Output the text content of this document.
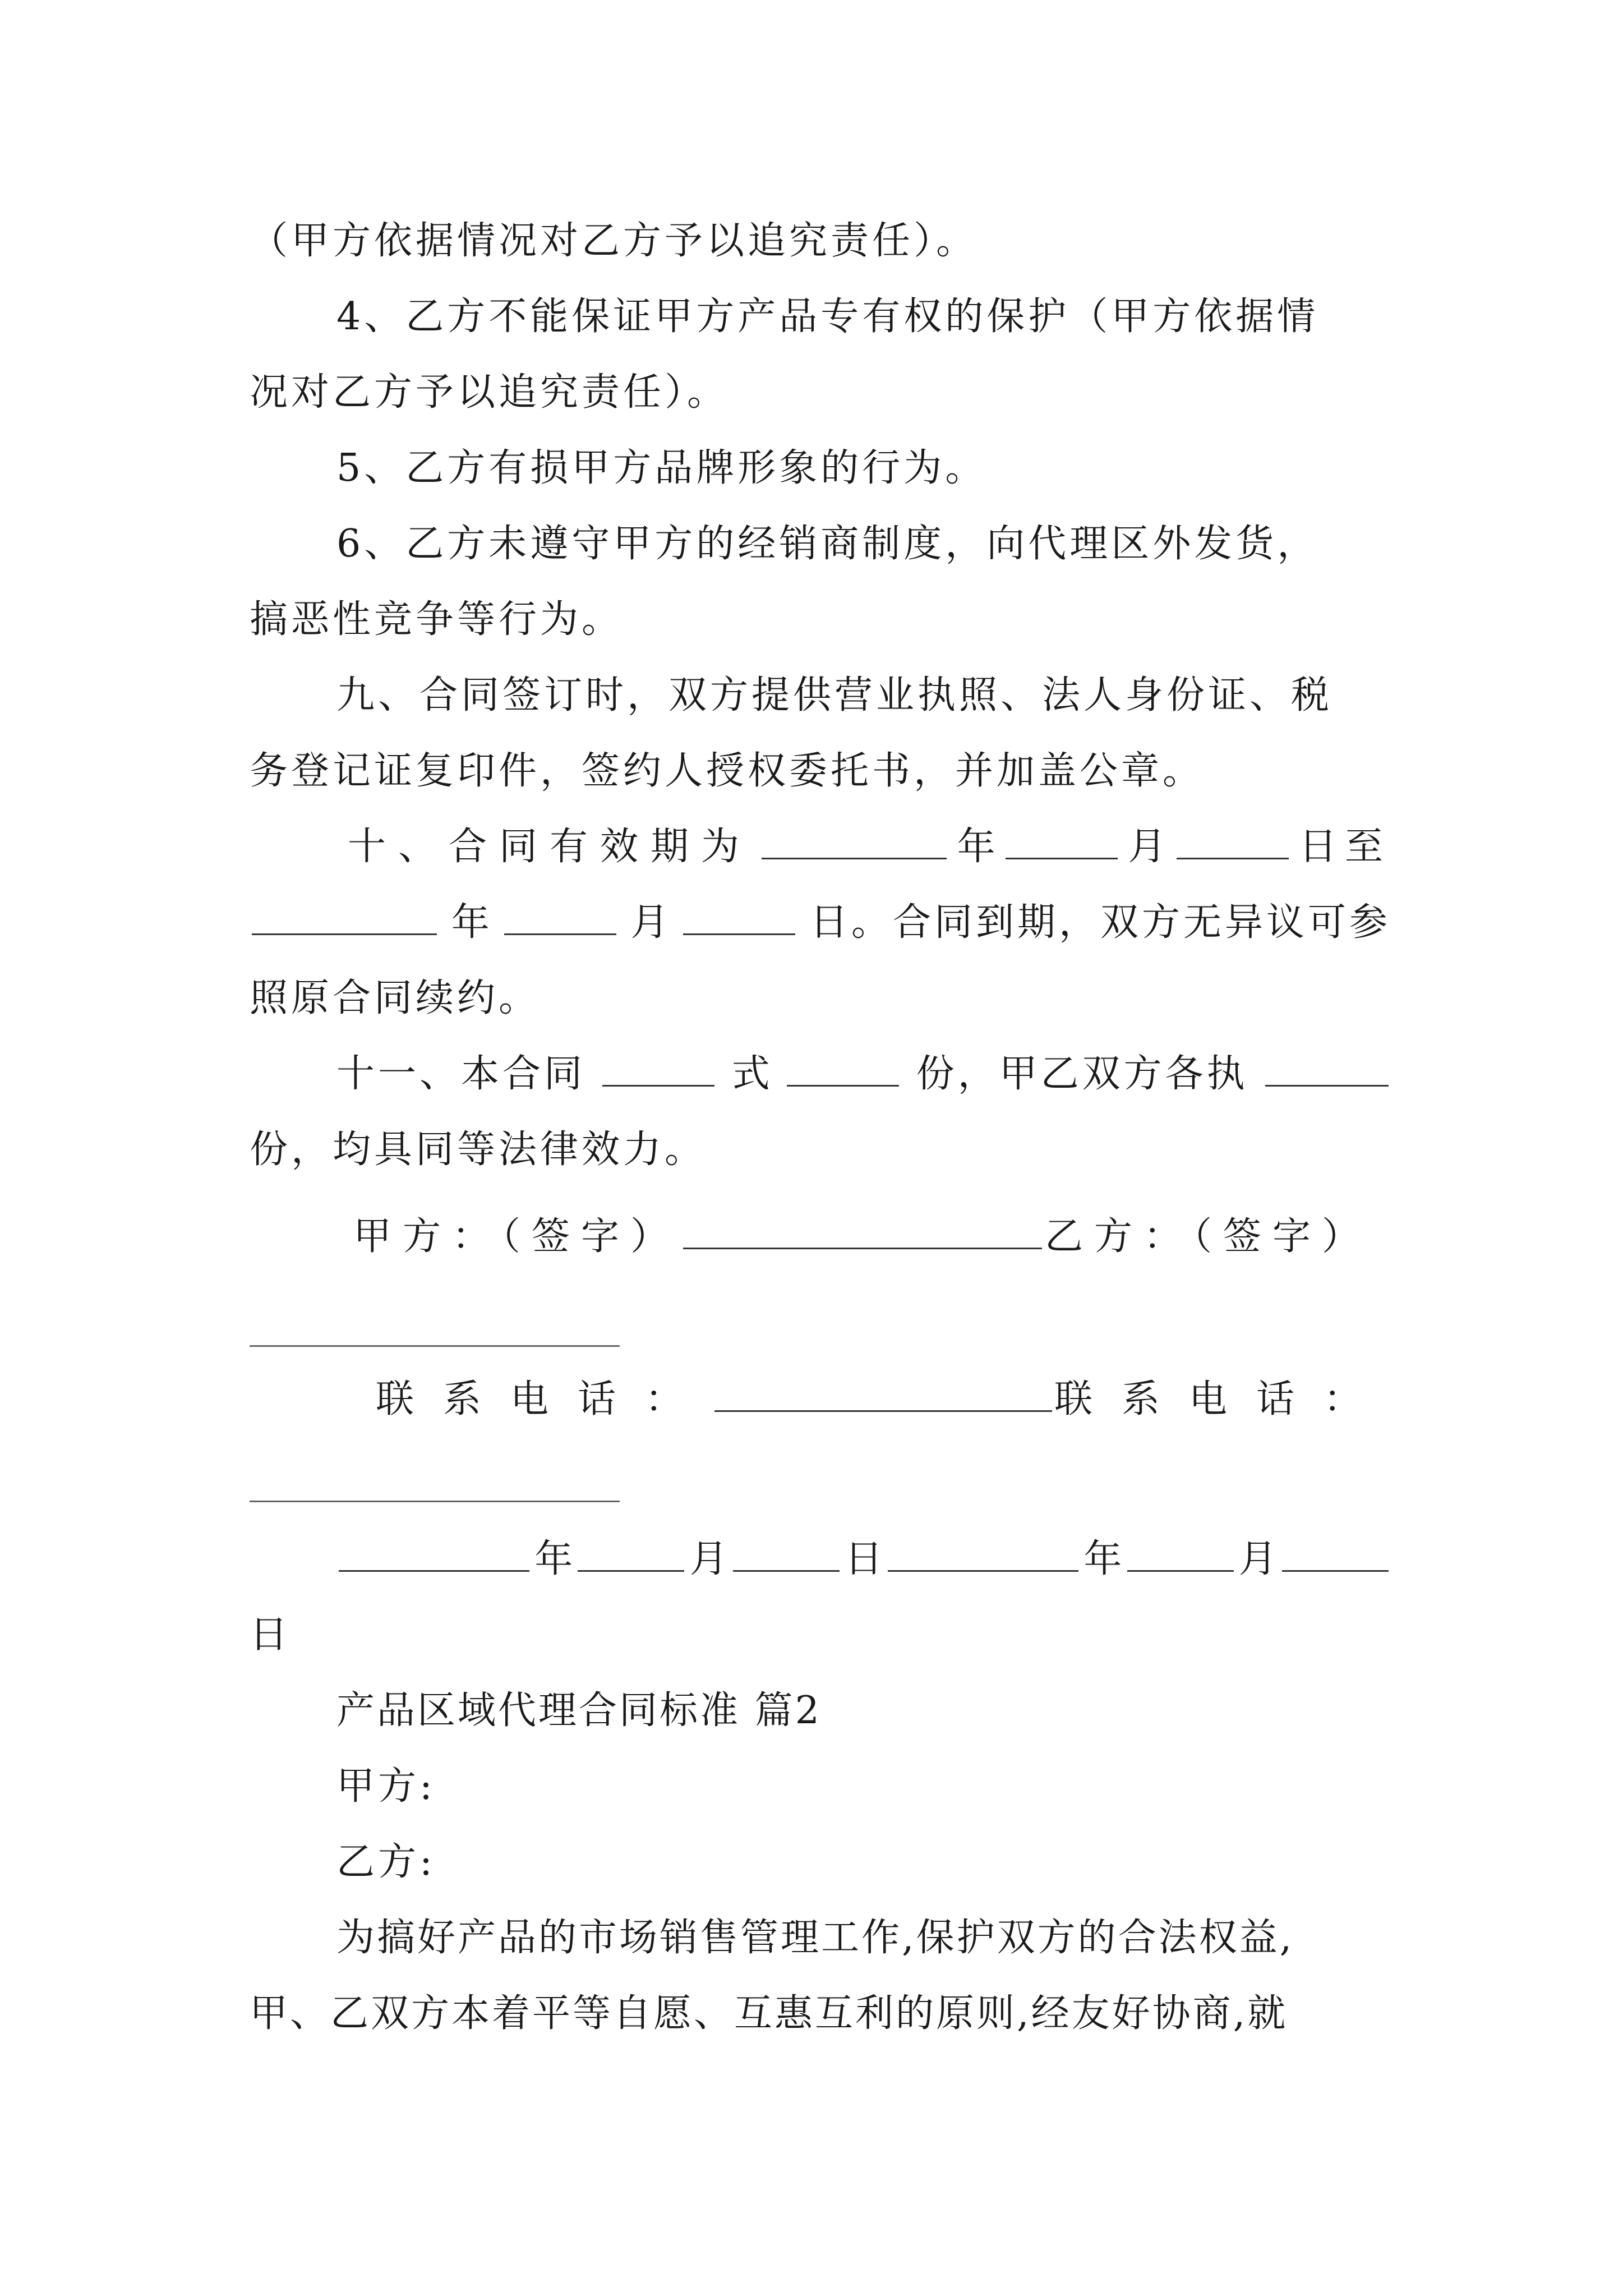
（甲方依据情况对乙方予以追究责任）。
4、乙方不能保证甲方产品专有权的保护（甲方依据情
况对乙方予以追究责任）。
5、乙方有损甲方品牌形象的行为。
6、乙方未遵守甲方的经销商制度，向代理区外发货，
搞恶性竞争等行为。
九、合同签订时，双方提供营业执照、法人身份证、税
务登记证复印件，签约人授权委托书，并加盖公章。
十、合同有效期为	年	月	日至
年	月	日。合同到期，双方无异议可参
照原合同续约。
十一、本合同	式	份，甲乙双方各执
份，均具同等法律效力。
甲方：（签字）	乙方：（签字）
联系电话：	联系电话：
年	月	日	年	月
日
产品区域代理合同标准 篇2
甲方:
乙方:
为搞好产品的市场销售管理工作,保护双方的合法权益,
甲、乙双方本着平等自愿、互惠互利的原则,经友好协商,就
